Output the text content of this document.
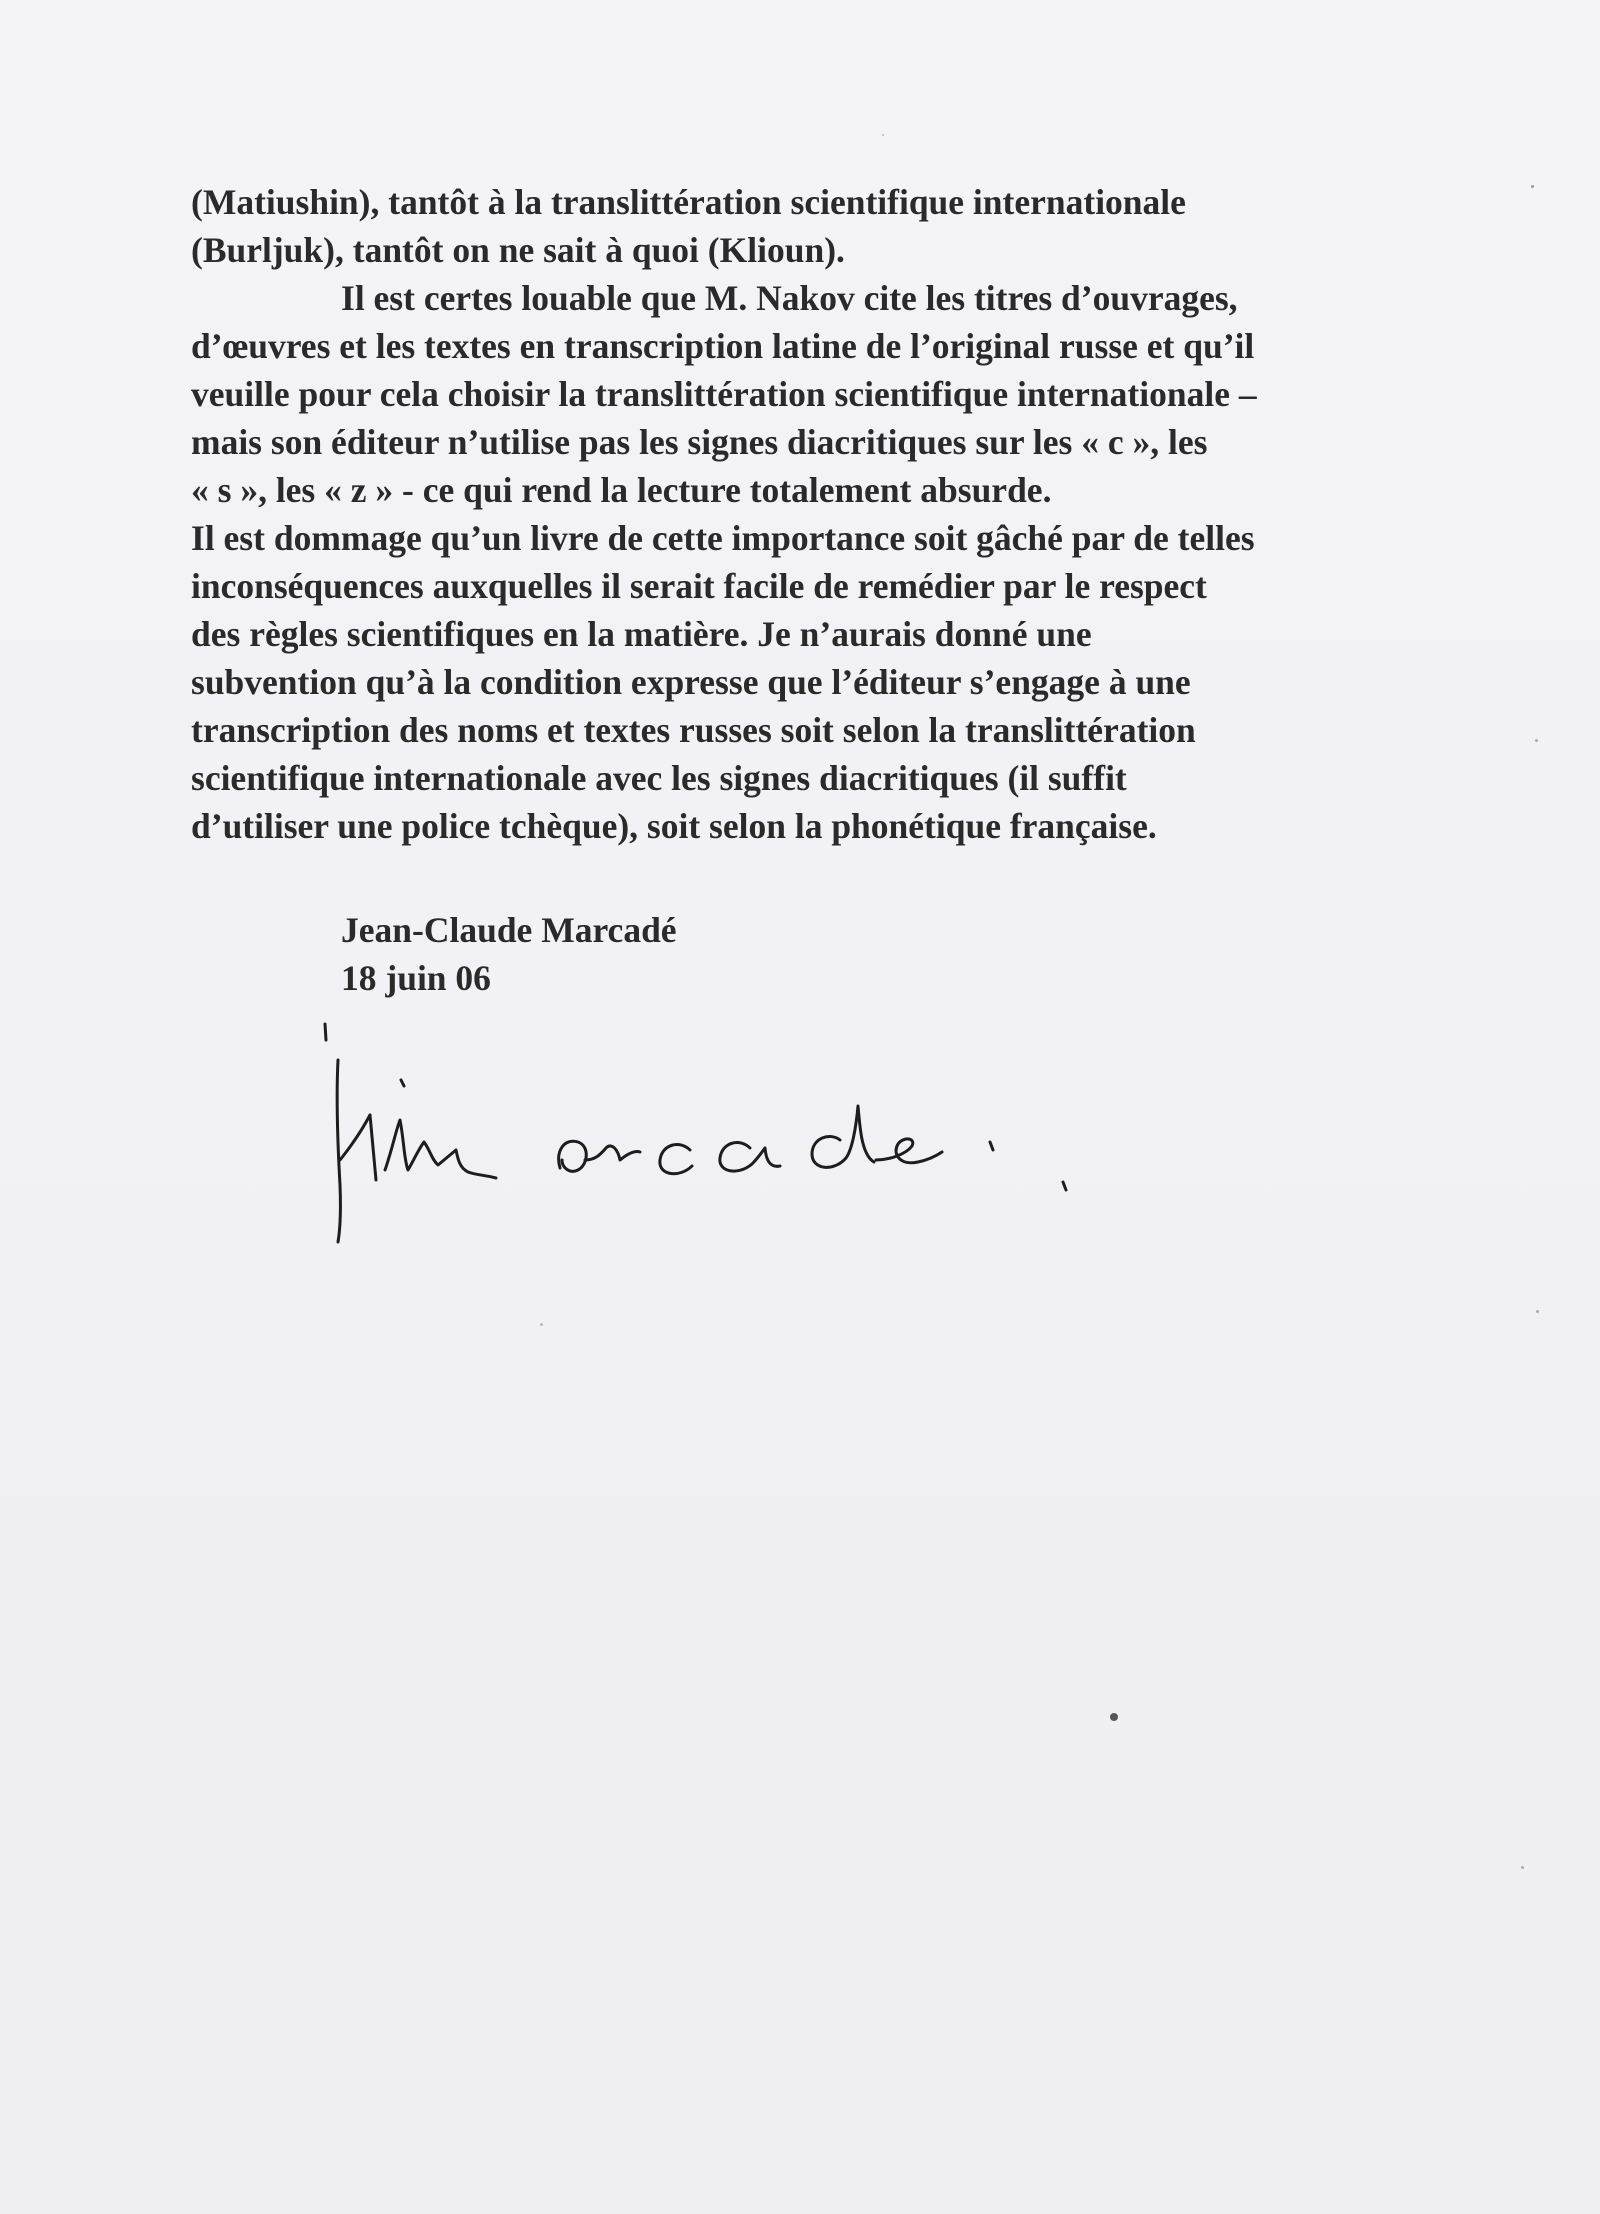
(Matiushin), tantôt à la translittération scientifique internationale
(Burljuk), tantôt on ne sait à quoi (Klioun).
Il est certes louable que M. Nakov cite les titres d’ouvrages,
d’œuvres et les textes en transcription latine de l’original russe et qu’il
veuille pour cela choisir la translittération scientifique internationale –
mais son éditeur n’utilise pas les signes diacritiques sur les « c », les
« s », les « z » - ce qui rend la lecture totalement absurde.
Il est dommage qu’un livre de cette importance soit gâché par de telles
inconséquences auxquelles il serait facile de remédier par le respect
des règles scientifiques en la matière. Je n’aurais donné une
subvention qu’à la condition expresse que l’éditeur s’engage à une
transcription des noms et textes russes soit selon la translittération
scientifique internationale avec les signes diacritiques (il suffit
d’utiliser une police tchèque), soit selon la phonétique française.
Jean-Claude Marcadé
18 juin 06
